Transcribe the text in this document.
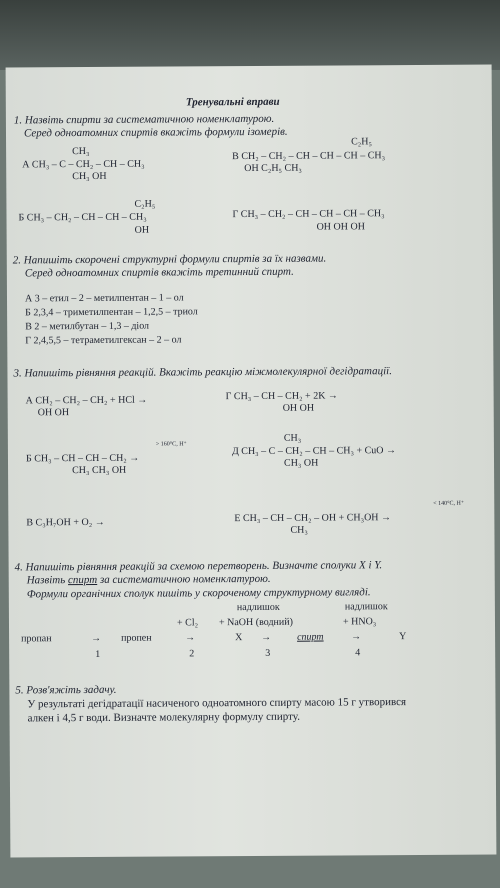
Тренувальні вправи
1. Назвіть спирти за систематичною номенклатурою.
Серед одноатомних спиртів вкажіть формули ізомерів.
CH₃
А CH₃ – C – CH₂ – CH – CH₃
CH₃ OH
C₂H₅
В CH₂ – CH₂ – CH – CH – CH – CH₃
OH C₂H₅ CH₃
C₂H₅
Б CH₃ – CH₂ – CH – CH – CH₃
OH
Г CH₃ – CH₂ – CH – CH – CH – CH₃
OH OH OH
2. Напишіть скорочені структурні формули спиртів за їх назвами.
Серед одноатомних спиртів вкажіть третинний спирт.
А 3 – етил – 2 – метилпентан – 1 – ол
Б 2,3,4 – триметилпентан – 1,2,5 – триол
В 2 – метилбутан – 1,3 – діол
Г 2,4,5,5 – тетраметилгексан – 2 – ол
3. Напишіть рівняння реакцій. Вкажіть реакцію міжмолекулярної дегідратації.
А CH₂ – CH₂ – CH₂ + HCl →
OH OH
Г CH₃ – CH – CH₂ + 2K →
OH OH
> 160°C, H⁺
Б CH₃ – CH – CH – CH₂ →
CH₃ CH₃ OH
CH₃
Д CH₃ – C – CH₂ – CH – CH₃ + CuO →
CH₃ OH
В C₃H₇OH + O₂ →
< 140°C, H⁺
Е CH₃ – CH – CH₂ – OH + CH₃OH →
CH₃
4. Напишіть рівняння реакцій за схемою перетворень. Визначте сполуки X і Y.
Назвіть спирт за систематичною номенклатурою.
Формули органічних сполук пишіть у скороченому структурному вигляді.
надлишок	надлишок
+ Cl₂ + NaOH (водний)	+ HNO₃
пропан	→ пропен	→	X →	спирт	→	Y
1	2	3	4
5. Розв'яжіть задачу.
У результаті дегідратації насиченого одноатомного спирту масою 15 г утворився
алкен і 4,5 г води. Визначте молекулярну формулу спирту.
